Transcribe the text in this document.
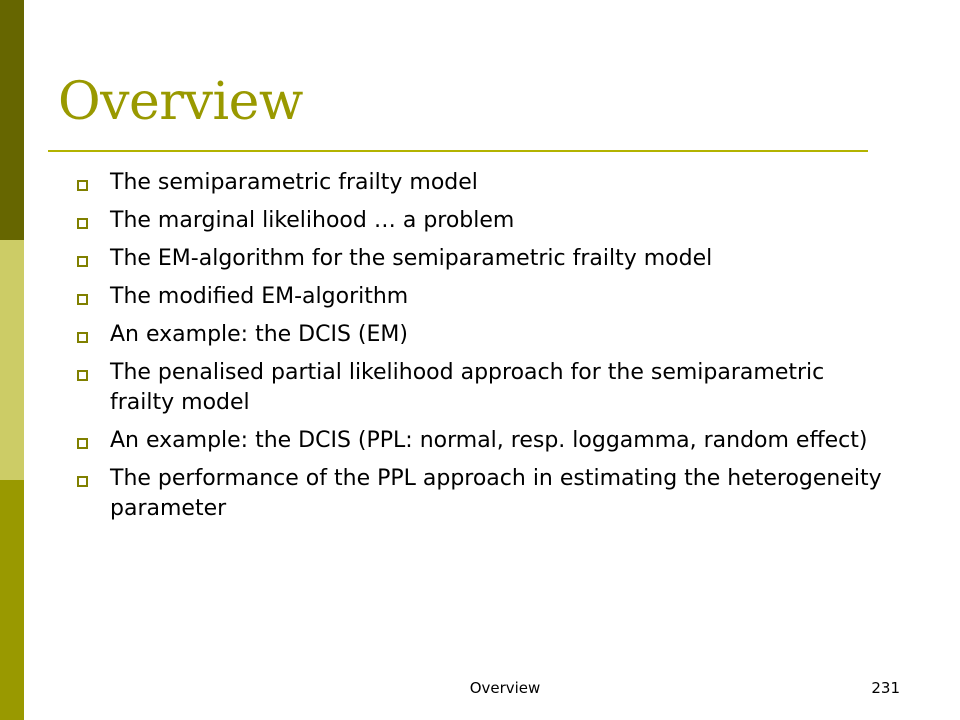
Overview
The semiparametric frailty model
The marginal likelihood … a problem
The EM-algorithm for the semiparametric frailty model
The modified EM-algorithm
An example: the DCIS (EM)
The penalised partial likelihood approach for the semiparametric frailty model
An example: the DCIS (PPL: normal, resp. loggamma, random effect)
The performance of the PPL approach in estimating the heterogeneity parameter
Overview	231
